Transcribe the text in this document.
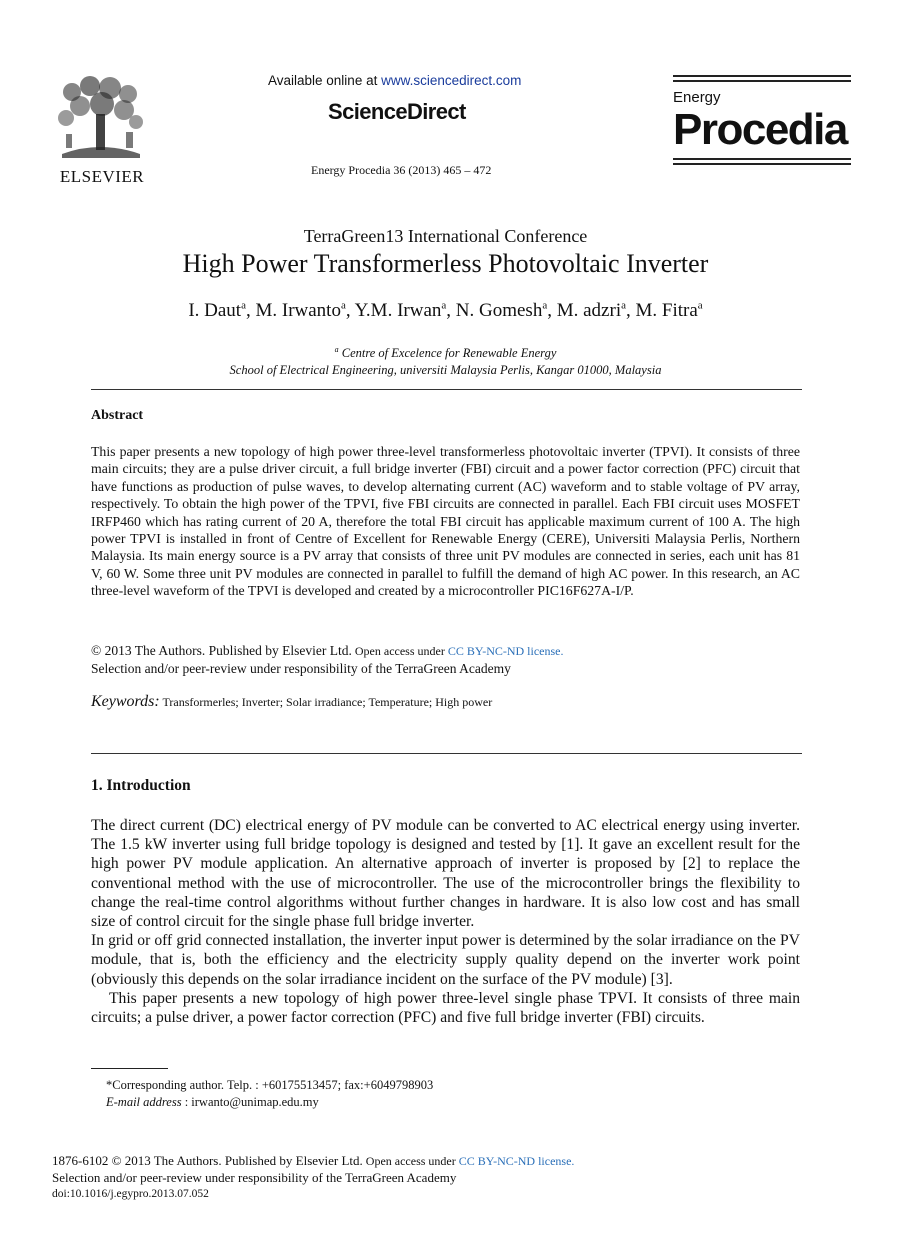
ELSEVIER
Available online at www.sciencedirect.com
ScienceDirect
Energy Procedia 36 (2013) 465 – 472
Energy
Procedia
TerraGreen13 International Conference
High Power Transformerless Photovoltaic Inverter
I. Daut$^a$, M. Irwanto$^a$, Y.M. Irwan$^a$, N. Gomesh$^a$, M. adzri$^a$, M. Fitra$^a$
$^a$ Centre of Excelence for Renewable Energy
School of Electrical Engineering, universiti Malaysia Perlis, Kangar 01000, Malaysia
Abstract
This paper presents a new topology of high power three-level transformerless photovoltaic inverter (TPVI). It consists of three main circuits; they are a pulse driver circuit, a full bridge inverter (FBI) circuit and a power factor correction (PFC) circuit that have functions as production of pulse waves, to develop alternating current (AC) waveform and to stable voltage of PV array, respectively. To obtain the high power of the TPVI, five FBI circuits are connected in parallel. Each FBI circuit uses MOSFET IRFP460 which has rating current of 20 A, therefore the total FBI circuit has applicable maximum current of 100 A. The high power TPVI is installed in front of Centre of Excellent for Renewable Energy (CERE), Universiti Malaysia Perlis, Northern Malaysia. Its main energy source is a PV array that consists of three unit PV modules are connected in series, each unit has 81 V, 60 W. Some three unit PV modules are connected in parallel to fulfill the demand of high AC power. In this research, an AC three-level waveform of the TPVI is developed and created by a microcontroller PIC16F627A-I/P.
© 2013 The Authors. Published by Elsevier Ltd. Open access under CC BY-NC-ND license.
Selection and/or peer-review under responsibility of the TerraGreen Academy
Keywords: Transformerles; Inverter; Solar irradiance; Temperature; High power
1. Introduction

The direct current (DC) electrical energy of PV module can be converted to AC electrical energy using inverter. The 1.5 kW inverter using full bridge topology is designed and tested by [1]. It gave an excellent result for the high power PV module application. An alternative approach of inverter is proposed by [2] to replace the conventional method with the use of microcontroller. The use of the microcontroller brings the flexibility to change the real-time control algorithms without further changes in hardware. It is also low cost and has small size of control circuit for the single phase full bridge inverter.

In grid or off grid connected installation, the inverter input power is determined by the solar irradiance on the PV module, that is, both the efficiency and the electricity supply quality depend on the inverter work point (obviously this depends on the solar irradiance incident on the surface of the PV module) [3].

This paper presents a new topology of high power three-level single phase TPVI. It consists of three main circuits; a pulse driver, a power factor correction (PFC) and five full bridge inverter (FBI) circuits.

*Corresponding author. Telp. : +60175513457; fax:+6049798903
E-mail address : irwanto@unimap.edu.my
1876-6102 © 2013 The Authors. Published by Elsevier Ltd. Open access under CC BY-NC-ND license.
Selection and/or peer-review under responsibility of the TerraGreen Academy
doi:10.1016/j.egypro.2013.07.052
